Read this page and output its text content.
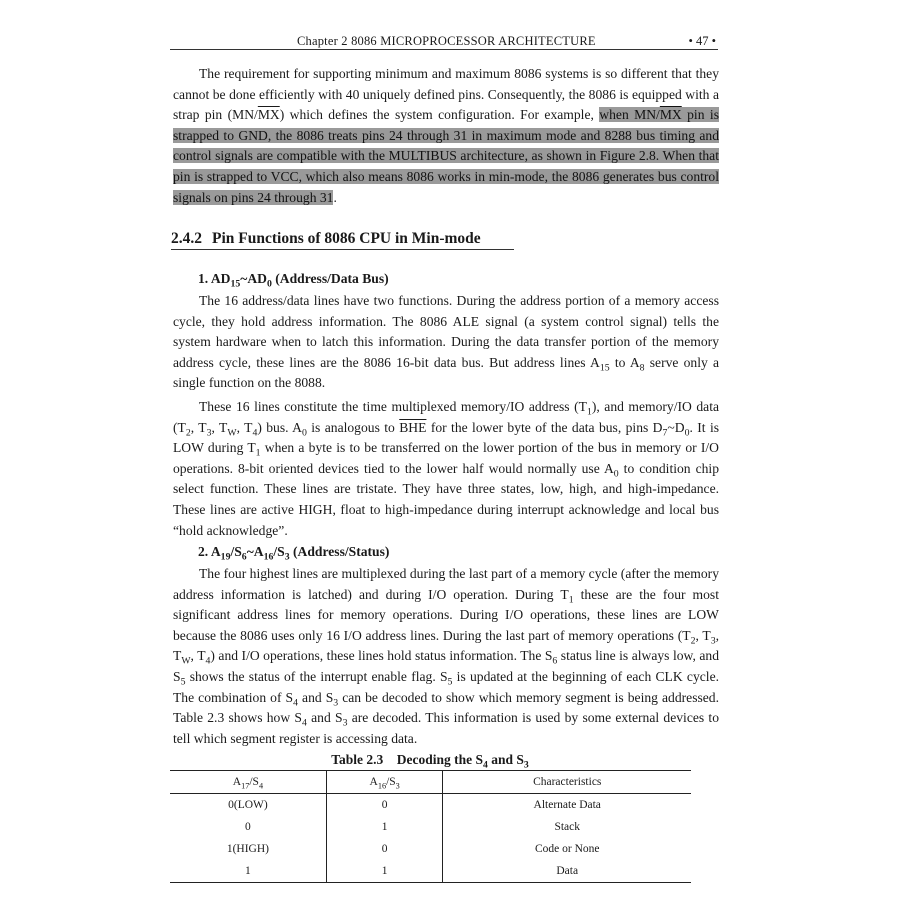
Chapter 2 8086 MICROPROCESSOR ARCHITECTURE	• 47 •

The requirement for supporting minimum and maximum 8086 systems is so different that they cannot be done efficiently with 40 uniquely defined pins. Consequently, the 8086 is equipped with a strap pin $(MN/\overline{MX})$ which defines the system configuration. For example, when $MN/\overline{MX}$ pin is strapped to GND, the 8086 treats pins 24 through 31 in maximum mode and 8288 bus timing and control signals are compatible with the MULTIBUS architecture, as shown in Figure 2.8. When that pin is strapped to VCC, which also means 8086 works in min-mode, the 8086 generates bus control signals on pins 24 through 31.

2.4.2 Pin Functions of 8086 CPU in Min-mode
1. $AD_{15}\sim AD_0$ (Address/Data Bus)

The 16 address/data lines have two functions. During the address portion of a memory access cycle, they hold address information. The 8086 ALE signal (a system control signal) tells the system hardware when to latch this information. During the data transfer portion of the memory address cycle, these lines are the 8086 16-bit data bus. But address lines $A_{15}$ to $A_8$ serve only a single function on the 8088.

These 16 lines constitute the time multiplexed memory/IO address $(T_1)$, and memory/IO data ($T_2$, $T_3$, $T_W$, $T_4$) bus. $A_0$ is analogous to $\overline{BHE}$ for the lower byte of the data bus, pins $D_7\sim D_0$. It is LOW during $T_1$ when a byte is to be transferred on the lower portion of the bus in memory or I/O operations. 8-bit oriented devices tied to the lower half would normally use $A_0$ to condition chip select function. These lines are tristate. They have three states, low, high, and high-impedance. These lines are active HIGH, float to high-impedance during interrupt acknowledge and local bus “hold acknowledge”.

2. $A_{19}/S_6\sim A_{16}/S_3$ (Address/Status)

The four highest lines are multiplexed during the last part of a memory cycle (after the memory address information is latched) and during I/O operation. During $T_1$ these are the four most significant address lines for memory operations. During I/O operations, these lines are LOW because the 8086 uses only 16 I/O address lines. During the last part of memory operations ($T_2$, $T_3$, $T_W$, $T_4$) and I/O operations, these lines hold status information. The $S_6$ status line is always low, and $S_5$ shows the status of the interrupt enable flag. $S_5$ is updated at the beginning of each CLK cycle. The combination of $S_4$ and $S_3$ can be decoded to show which memory segment is being addressed. Table 2.3 shows how $S_4$ and $S_3$ are decoded. This information is used by some external devices to tell which segment register is accessing data.

Table 2.3 Decoding the $S_4$ and $S_3$
$A_{17}/S_4$	$A_{16}/S_3$	Characteristics
0(LOW)	0	Alternate Data
0	1	Stack
1(HIGH)	0	Code or None
1	1	Data
